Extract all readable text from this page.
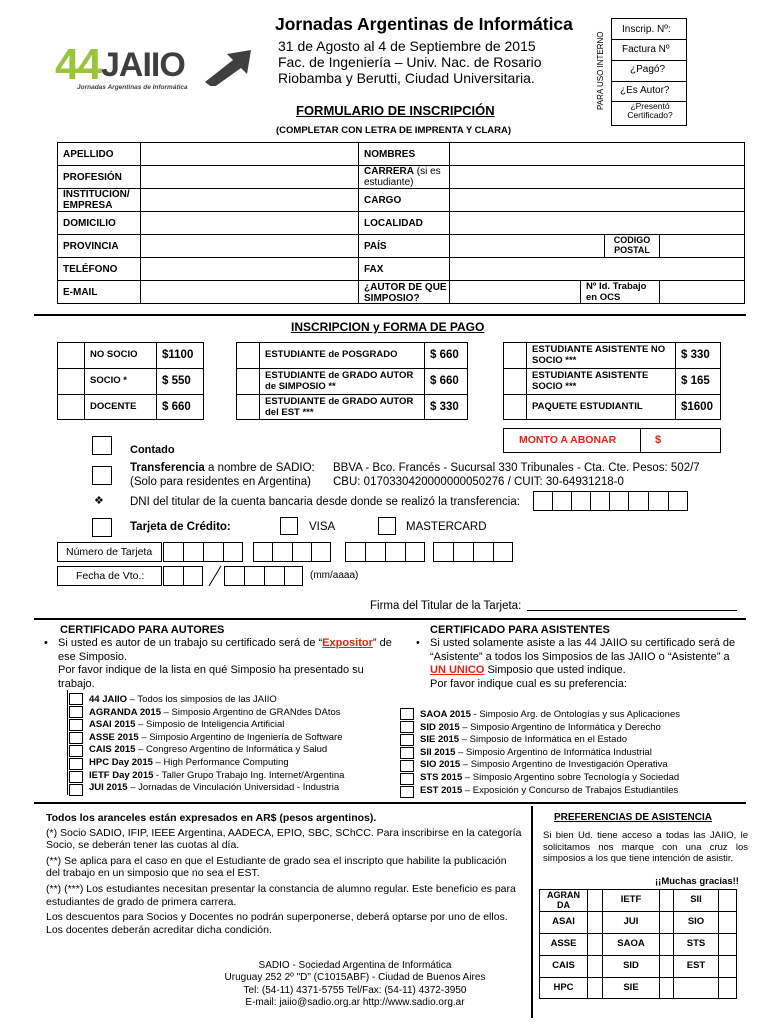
44 JAIIO
Jornadas Argentinas de Informática
Jornadas Argentinas de Informática
31 de Agosto al 4 de Septiembre de 2015
Fac. de Ingeniería – Univ. Nac. de Rosario
Riobamba y Berutti, Ciudad Universitaria.
FORMULARIO DE INSCRIPCIÓN
(COMPLETAR CON LETRA DE IMPRENTA Y CLARA)
PARA USO INTERNO
Inscrip. Nº:
Factura Nº
¿Pagó?
¿Es Autor?
¿Presentó Certificado?
APELLIDO	NOMBRES
PROFESIÓN	CARRERA (si es estudiante)
INSTITUCIÓN/ EMPRESA	CARGO
DOMICILIO	LOCALIDAD
PROVINCIA	PAÍS
CODIGO POSTAL
TELÉFONO	FAX
E-MAIL	¿AUTOR DE QUE SIMPOSIO?
Nº Id. Trabajo en OCS
INSCRIPCION y FORMA DE PAGO
NO SOCIO	$1100
SOCIO *	$ 550
DOCENTE	$ 660
ESTUDIANTE de POSGRADO	$ 660
ESTUDIANTE de GRADO AUTOR de SIMPOSIO **	$ 660
ESTUDIANTE de GRADO AUTOR del EST ***	$ 330
ESTUDIANTE ASISTENTE NO SOCIO ***	$ 330
ESTUDIANTE ASISTENTE SOCIO ***	$ 165
PAQUETE ESTUDIANTIL	$1600
MONTO A ABONAR	$
Contado
Transferencia a nombre de SADIO:
(Solo para residentes en Argentina)
BBVA - Bco. Francés - Sucursal 330 Tribunales - Cta. Cte. Pesos: 502/7
CBU: 0170330420000000050276 / CUIT: 30-64931218-0
❖ DNI del titular de la cuenta bancaria desde donde se realizó la transferencia:
Tarjeta de Crédito:	VISA	MASTERCARD
Número de Tarjeta
Fecha de Vto.:	(mm/aaaa)
Firma del Titular de la Tarjeta:
CERTIFICADO PARA AUTORES
• Si usted es autor de un trabajo su certificado será de “Expositor” de ese Simposio.
Por favor indique de la lista en qué Simposio ha presentado su trabajo.
CERTIFICADO PARA ASISTENTES
• Si usted solamente asiste a las 44 JAIIO su certificado será de “Asistente” a todos los Simposios de las JAIIO o “Asistente” a UN UNICO Simposio que usted indique.
Por favor indique cual es su preferencia:
44 JAIIO – Todos los simposios de las JAIIO
AGRANDA 2015 – Simposio Argentino de GRANdes DAtos
ASAI 2015 – Simposio de Inteligencia Artificial
ASSE 2015 – Simposio Argentino de Ingeniería de Software
CAIS 2015 – Congreso Argentino de Informática y Salud
HPC Day 2015 – High Performance Computing
IETF Day 2015 - Taller Grupo Trabajo Ing. Internet/Argentina
JUI 2015 – Jornadas de Vinculación Universidad - Industria
SAOA 2015 - Simposio Arg. de Ontologías y sus Aplicaciones
SID 2015 – Simposio Argentino de Informática y Derecho
SIE 2015 – Simposio de Informática en el Estado
SII 2015 – Simposio Argentino de Informática Industrial
SIO 2015 – Simposio Argentino de Investigación Operativa
STS 2015 – Simposio Argentino sobre Tecnología y Sociedad
EST 2015 – Exposición y Concurso de Trabajos Estudiantiles
Todos los aranceles están expresados en AR$ (pesos argentinos).
(*) Socio SADIO, IFIP, IEEE Argentina, AADECA, EPIO, SBC, SChCC. Para inscribirse en la categoría Socio, se deberán tener las cuotas al día.
(**) Se aplica para el caso en que el Estudiante de grado sea el inscripto que habilite la publicación del trabajo en un simposio que no sea el EST.
(**) (***) Los estudiantes necesitan presentar la constancia de alumno regular. Este beneficio es para estudiantes de grado de primera carrera.
Los descuentos para Socios y Docentes no podrán superponerse, deberá optarse por uno de ellos. Los docentes deberán acreditar dicha condición.
SADIO - Sociedad Argentina de Informática
Uruguay 252 2º "D" (C1015ABF) - Ciudad de Buenos Aires
Tel: (54-11) 4371-5755 Tel/Fax: (54-11) 4372-3950
E-mail: jaiio@sadio.org.ar http://www.sadio.org.ar
PREFERENCIAS DE ASISTENCIA
Si bien Ud. tiene acceso a todas las JAIIO, le solicitamos nos marque con una cruz los simposios a los que tiene intención de asistir.
¡¡Muchas gracias!!
AGRAN DA	IETF	SII
ASAI	JUI	SIO
ASSE	SAOA	STS
CAIS	SID	EST
HPC	SIE
